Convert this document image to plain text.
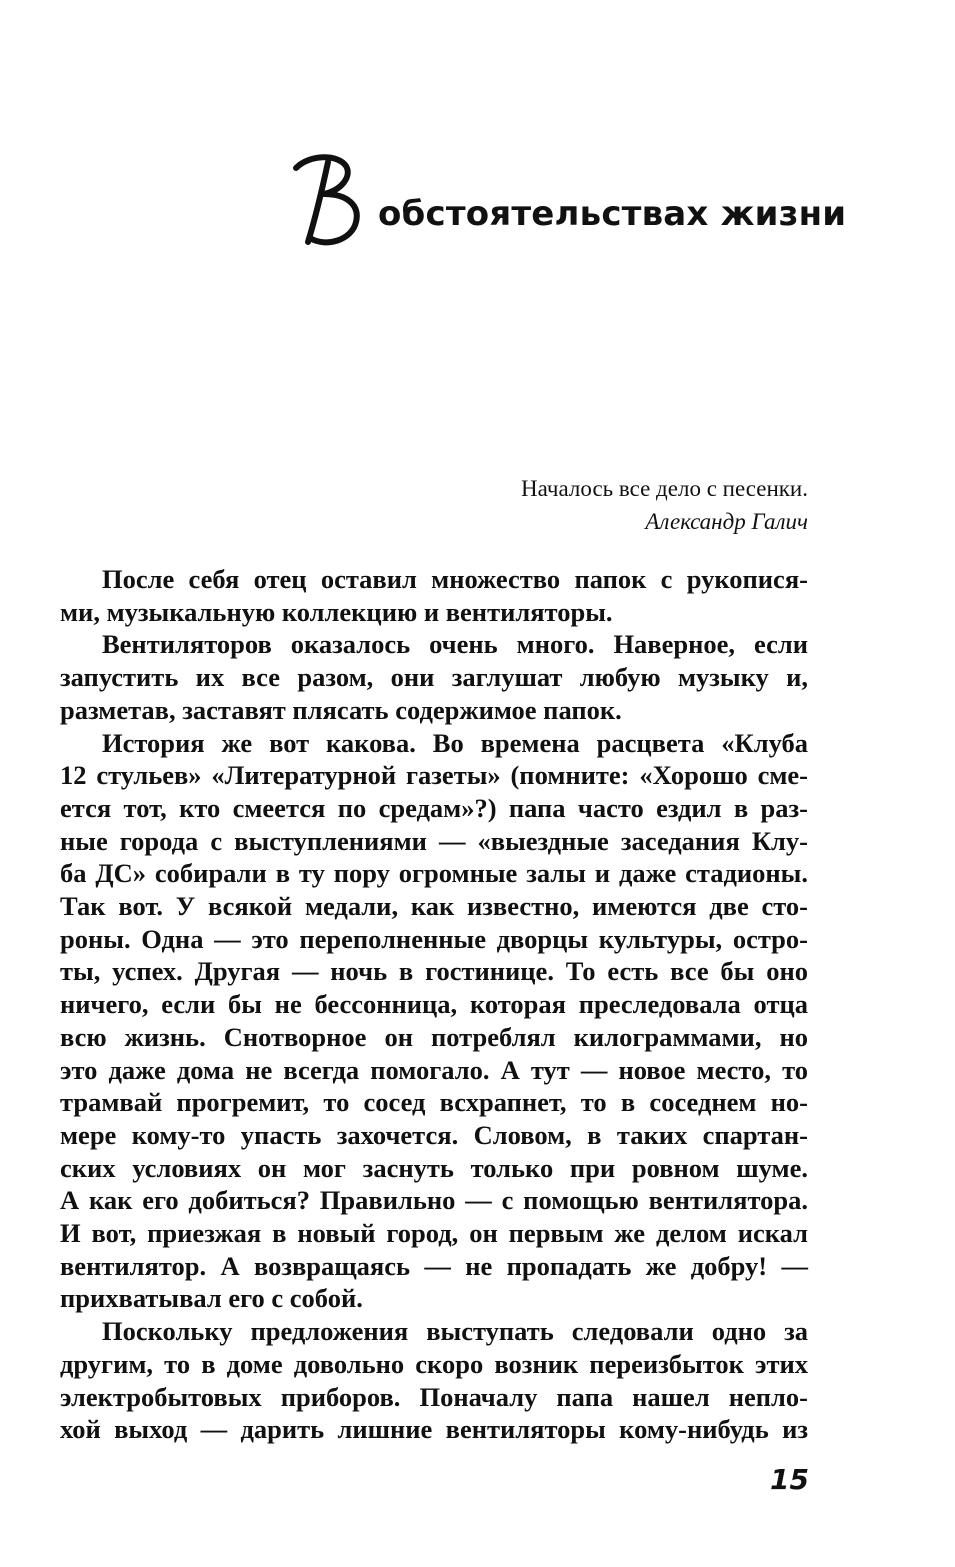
В
обстоятельствах жизни
Началось все дело с песенки.
Александр Галич
После себя отец оставил множество папок с рукопися-
ми, музыкальную коллекцию и вентиляторы.
Вентиляторов оказалось очень много. Наверное, если
запустить их все разом, они заглушат любую музыку и,
разметав, заставят плясать содержимое папок.
История же вот какова. Во времена расцвета «Клуба
12 стульев» «Литературной газеты» (помните: «Хорошо сме-
ется тот, кто смеется по средам»?) папа часто ездил в раз-
ные города с выступлениями — «выездные заседания Клу-
ба ДС» собирали в ту пору огромные залы и даже стадионы.
Так вот. У всякой медали, как известно, имеются две сто-
роны. Одна — это переполненные дворцы культуры, остро-
ты, успех. Другая — ночь в гостинице. То есть все бы оно
ничего, если бы не бессонница, которая преследовала отца
всю жизнь. Снотворное он потреблял килограммами, но
это даже дома не всегда помогало. А тут — новое место, то
трамвай прогремит, то сосед всхрапнет, то в соседнем но-
мере кому-то упасть захочется. Словом, в таких спартан-
ских условиях он мог заснуть только при ровном шуме.
А как его добиться? Правильно — с помощью вентилятора.
И вот, приезжая в новый город, он первым же делом искал
вентилятор. А возвращаясь — не пропадать же добру! —
прихватывал его с собой.
Поскольку предложения выступать следовали одно за
другим, то в доме довольно скоро возник переизбыток этих
электробытовых приборов. Поначалу папа нашел непло-
хой выход — дарить лишние вентиляторы кому-нибудь из
15
